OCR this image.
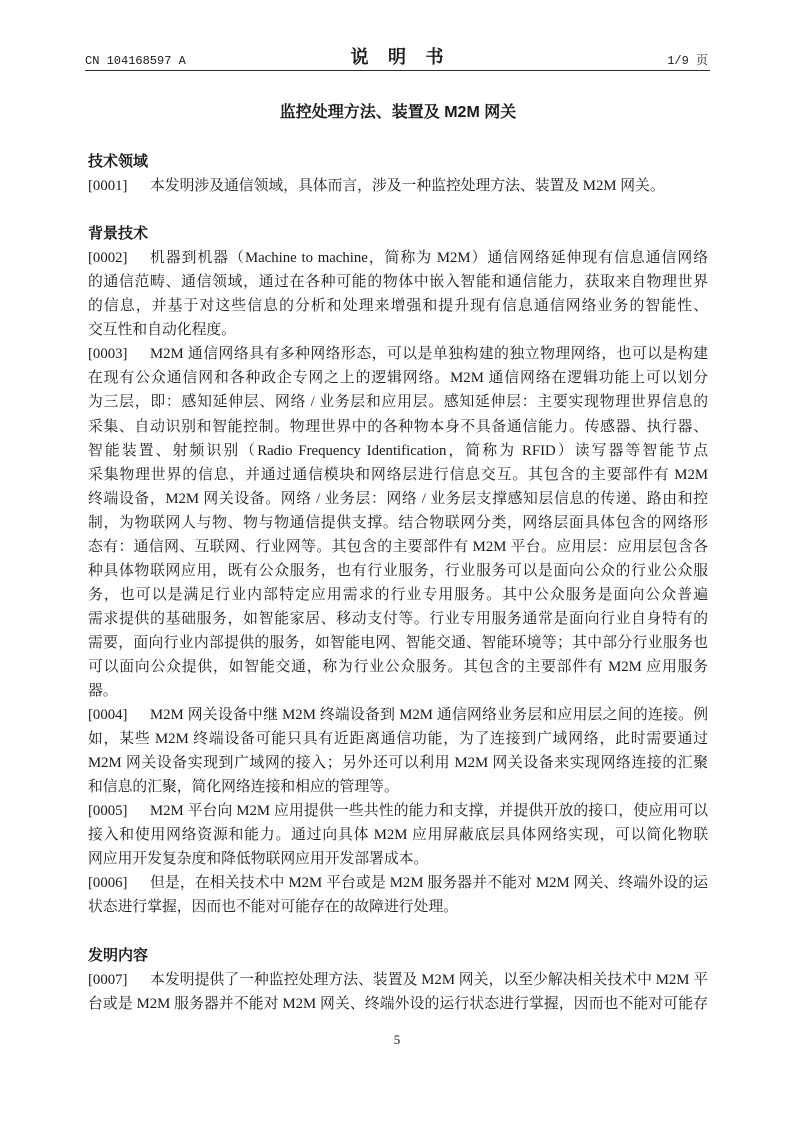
CN 104168597 A	说 明 书	1/9 页
监控处理方法、装置及 M2M 网关
技术领域
[0001]	本发明涉及通信领域，具体而言，涉及一种监控处理方法、装置及 M2M 网关。
背景技术
[0002]	机器到机器（Machine to machine，简称为 M2M）通信网络延伸现有信息通信网络
的通信范畴、通信领域，通过在各种可能的物体中嵌入智能和通信能力，获取来自物理世界
的信息，并基于对这些信息的分析和处理来增强和提升现有信息通信网络业务的智能性、
交互性和自动化程度。
[0003]	M2M 通信网络具有多种网络形态，可以是单独构建的独立物理网络，也可以是构建
在现有公众通信网和各种政企专网之上的逻辑网络。M2M 通信网络在逻辑功能上可以划分
为三层，即：感知延伸层、网络 / 业务层和应用层。感知延伸层：主要实现物理世界信息的
采集、自动识别和智能控制。物理世界中的各种物本身不具备通信能力。传感器、执行器、
智能装置、射频识别（Radio Frequency Identification，简称为 RFID）读写器等智能节点
采集物理世界的信息，并通过通信模块和网络层进行信息交互。其包含的主要部件有 M2M
终端设备，M2M 网关设备。网络 / 业务层：网络 / 业务层支撑感知层信息的传递、路由和控
制，为物联网人与物、物与物通信提供支撑。结合物联网分类，网络层面具体包含的网络形
态有：通信网、互联网、行业网等。其包含的主要部件有 M2M 平台。应用层：应用层包含各
种具体物联网应用，既有公众服务，也有行业服务，行业服务可以是面向公众的行业公众服
务，也可以是满足行业内部特定应用需求的行业专用服务。其中公众服务是面向公众普遍
需求提供的基础服务，如智能家居、移动支付等。行业专用服务通常是面向行业自身特有的
需要，面向行业内部提供的服务，如智能电网、智能交通、智能环境等；其中部分行业服务也
可以面向公众提供，如智能交通，称为行业公众服务。其包含的主要部件有 M2M 应用服务
器。
[0004]	M2M 网关设备中继 M2M 终端设备到 M2M 通信网络业务层和应用层之间的连接。例
如，某些 M2M 终端设备可能只具有近距离通信功能，为了连接到广域网络，此时需要通过
M2M 网关设备实现到广域网的接入；另外还可以利用 M2M 网关设备来实现网络连接的汇聚
和信息的汇聚，简化网络连接和相应的管理等。
[0005]	M2M 平台向 M2M 应用提供一些共性的能力和支撑，并提供开放的接口，使应用可以
接入和使用网络资源和能力。通过向具体 M2M 应用屏蔽底层具体网络实现，可以简化物联
网应用开发复杂度和降低物联网应用开发部署成本。
[0006]	但是，在相关技术中 M2M 平台或是 M2M 服务器并不能对 M2M 网关、终端外设的运
状态进行掌握，因而也不能对可能存在的故障进行处理。
发明内容
[0007]	本发明提供了一种监控处理方法、装置及 M2M 网关，以至少解决相关技术中 M2M 平
台或是 M2M 服务器并不能对 M2M 网关、终端外设的运行状态进行掌握，因而也不能对可能存
5
